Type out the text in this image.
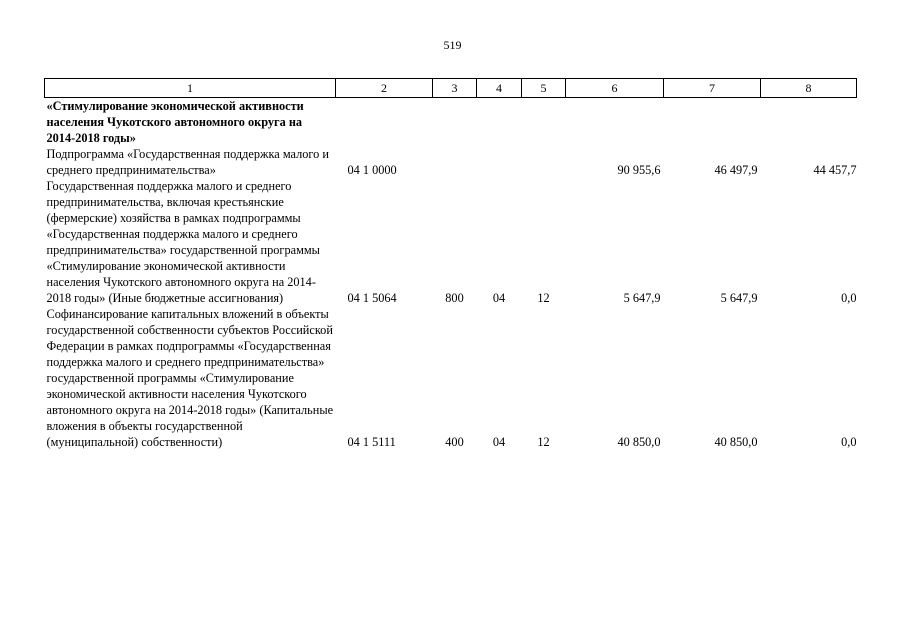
519
1	2	3	4	5	6	7	8
«Стимулирование экономической активности населения Чукотского автономного округа на 2014-2018 годы»							
Подпрограмма «Государственная поддержка малого и среднего предпринимательства»	04 1 0000				90 955,6	46 497,9	44 457,7
Государственная поддержка малого и среднего предпринимательства, включая крестьянские (фермерские) хозяйства в рамках подпрограммы «Государственная поддержка малого и среднего предпринимательства» государственной программы «Стимулирование экономической активности населения Чукотского автономного округа на 2014-2018 годы» (Иные бюджетные ассигнования)	04 1 5064	800	04	12	5 647,9	5 647,9	0,0
Софинансирование капитальных вложений в объекты государственной собственности субъектов Российской Федерации в рамках подпрограммы «Государственная поддержка малого и среднего предпринимательства» государственной программы «Стимулирование экономической активности населения Чукотского автономного округа на 2014-2018 годы» (Капитальные вложения в объекты государственной (муниципальной) собственности)	04 1 5111	400	04	12	40 850,0	40 850,0	0,0
